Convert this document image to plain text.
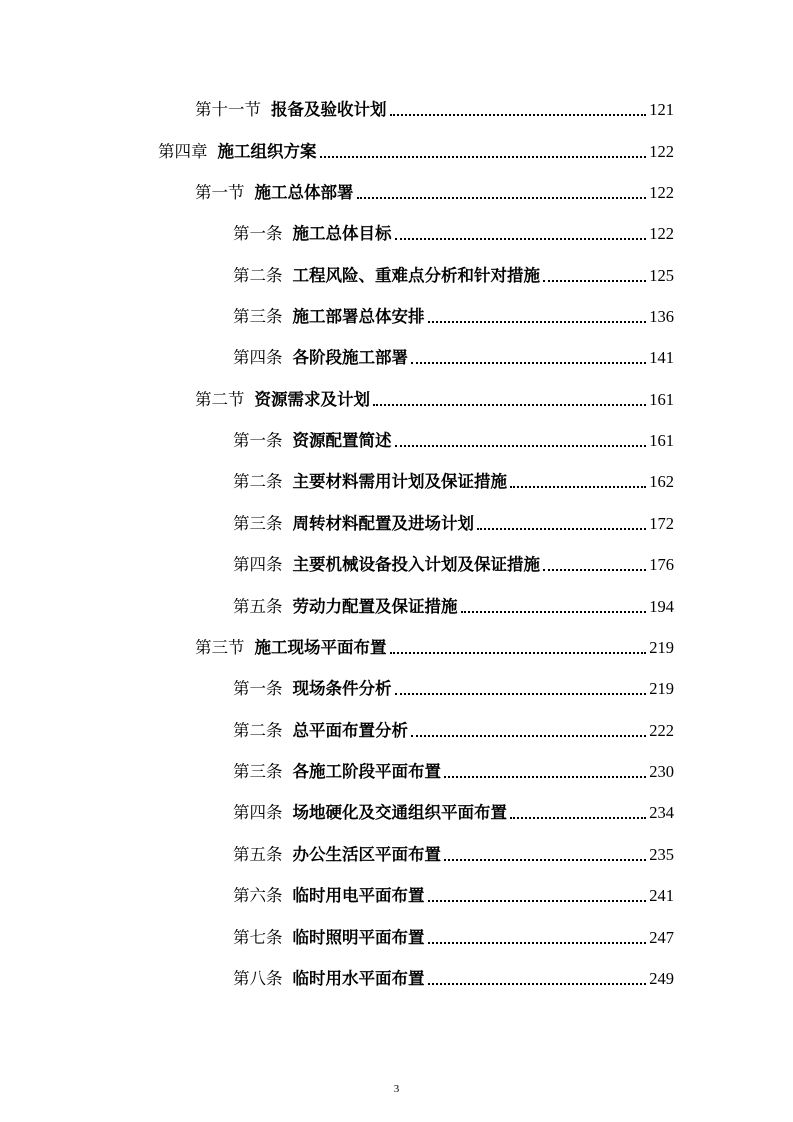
第十一节 报备及验收计划	121
第四章 施工组织方案	122
第一节 施工总体部署	122
第一条 施工总体目标	122
第二条 工程风险、重难点分析和针对措施	125
第三条 施工部署总体安排	136
第四条 各阶段施工部署	141
第二节 资源需求及计划	161
第一条 资源配置简述	161
第二条 主要材料需用计划及保证措施	162
第三条 周转材料配置及进场计划	172
第四条 主要机械设备投入计划及保证措施	176
第五条 劳动力配置及保证措施	194
第三节 施工现场平面布置	219
第一条 现场条件分析	219
第二条 总平面布置分析	222
第三条 各施工阶段平面布置	230
第四条 场地硬化及交通组织平面布置	234
第五条 办公生活区平面布置	235
第六条 临时用电平面布置	241
第七条 临时照明平面布置	247
第八条 临时用水平面布置	249
3
